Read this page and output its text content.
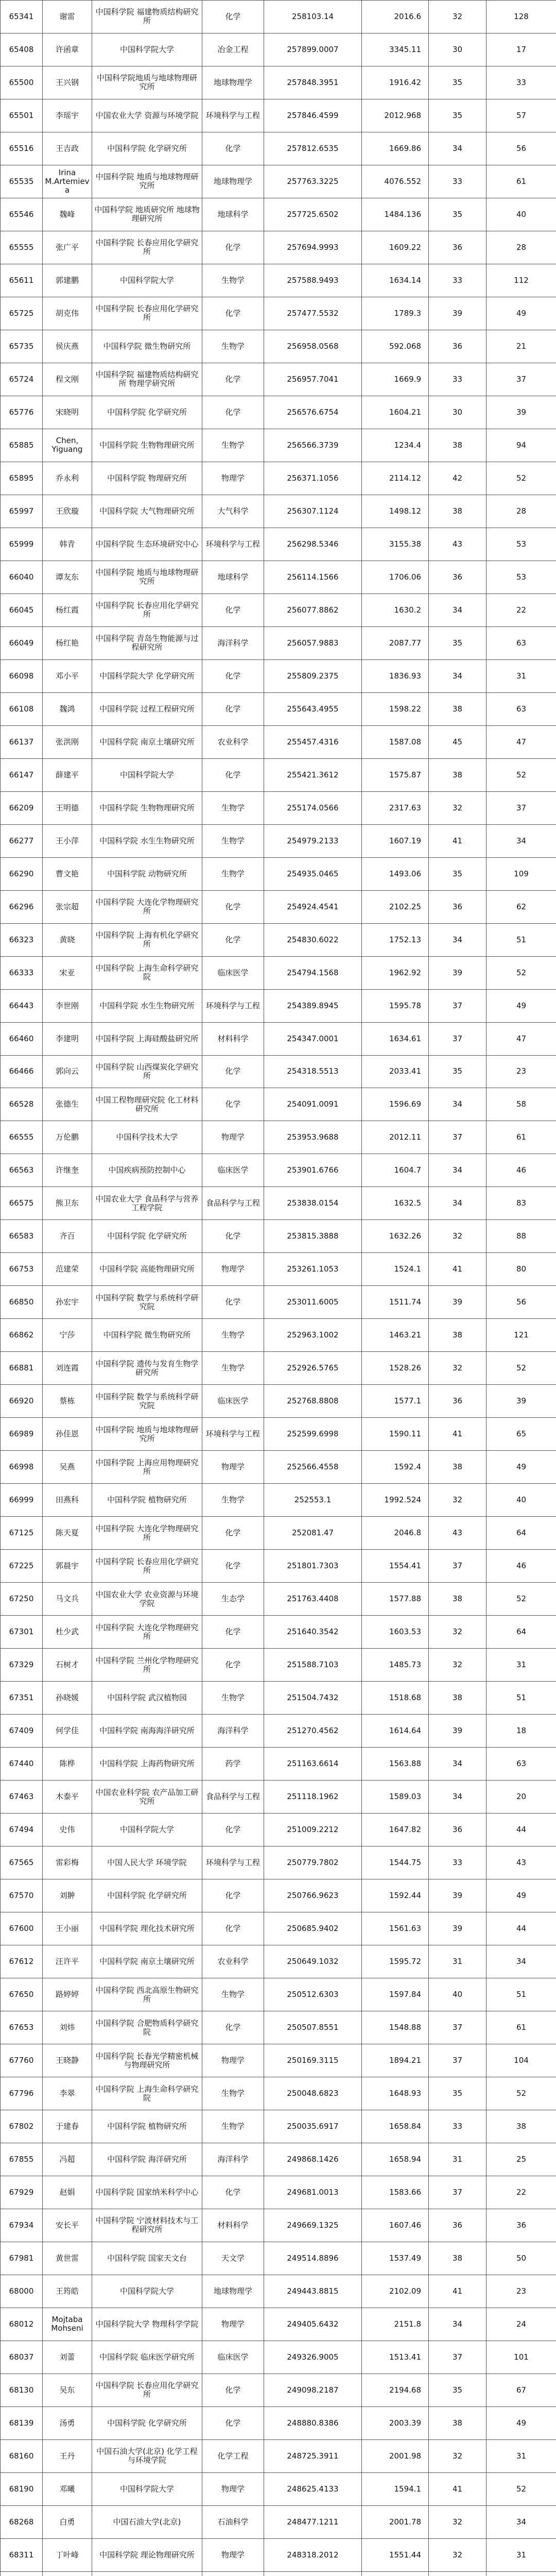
65341	谢雷	中国科学院 福建物质结构研究所	化学	258103.14	2016.6	32	128
65408	许函章	中国科学院大学	冶金工程	257899.0007	3345.11	30	17
65500	王兴钢	中国科学院地质与地球物理研究所	地球物理学	257848.3951	1916.42	35	33
65501	李瑶宇	中国农业大学 资源与环境学院	环境科学与工程	257846.4599	2012.968	35	57
65516	王吉政	中国科学院 化学研究所	化学	257812.6535	1669.86	34	56
65535	Irina M.Artemiev a	中国科学院 地质与地球物理研究所	地球物理学	257763.3225	4076.552	33	61
65546	魏峰	中国科学院 地质研究所 地球物理研究所	地球科学	257725.6502	1484.136	35	40
65555	张广平	中国科学院 长春应用化学研究所	化学	257694.9993	1609.22	36	28
65611	郭建鹏	中国科学院大学	生物学	257588.9493	1634.14	33	112
65725	胡克伟	中国科学院 长春应用化学研究所	化学	257477.5532	1789.3	39	49
65735	侯庆燕	中国科学院 微生物研究所	生物学	256958.0568	592.068	36	21
65724	程文刚	中国科学院 福建物质结构研究所 物理学研究所	化学	256957.7041	1669.9	33	37
65776	宋晓明	中国科学院 化学研究所	化学	256576.6754	1604.21	30	39
65885	Chen, Yiguang	中国科学院 生物物理研究所	生物学	256566.3739	1234.4	38	94
65895	乔永利	中国科学院 物理研究所	物理学	256371.1056	2114.12	42	52
65997	王欣璇	中国科学院 大气物理研究所	大气科学	256307.1124	1498.12	38	28
65999	韩青	中国科学院 生态环境研究中心	环境科学与工程	256298.5346	3155.38	43	53
66040	谭友东	中国科学院 地质与地球物理研究所	地球科学	256114.1566	1706.06	36	53
66045	杨红霞	中国科学院 长春应用化学研究所	化学	256077.8862	1630.2	34	22
66049	杨红艳	中国科学院 青岛生物能源与过程研究所	海洋科学	256057.9883	2087.77	35	63
66098	邓小平	中国科学院大学 化学研究所	化学	255809.2375	1836.93	34	31
66108	魏鸿	中国科学院 过程工程研究所	化学	255643.4955	1598.22	38	63
66137	张洪刚	中国科学院 南京土壤研究所	农业科学	255457.4316	1587.08	45	47
66147	薛建平	中国科学院大学	化学	255421.3612	1575.87	38	52
66209	王明德	中国科学院 生物物理研究所	生物学	255174.0566	2317.63	32	37
66277	王小萍	中国科学院 水生生物研究所	生物学	254979.2133	1607.19	41	34
66290	曹文艳	中国科学院 动物研究所	生物学	254935.0465	1493.06	35	109
66296	张宗超	中国科学院 大连化学物理研究所	化学	254924.4541	2102.25	36	62
66323	黄晓	中国科学院 上海有机化学研究所	化学	254830.6022	1752.13	34	51
66333	宋亚	中国科学院 上海生命科学研究院	临床医学	254794.1568	1962.92	39	52
66443	李世刚	中国科学院 水生生物研究所	环境科学与工程	254389.8945	1595.78	37	49
66460	李建明	中国科学院 上海硅酸盐研究所	材料科学	254347.0001	1634.61	37	47
66466	郭向云	中国科学院 山西煤炭化学研究所	化学	254318.5513	2033.41	35	23
66528	张德生	中国工程物理研究院 化工材料研究所	化学	254091.0091	1596.69	34	58
66555	万伦鹏	中国科学技术大学	物理学	253953.9688	2012.11	37	61
66563	许继奎	中国疾病预防控制中心	临床医学	253901.6766	1604.7	34	46
66575	熊卫东	中国农业大学 食品科学与营养工程学院	食品科学与工程	253838.0154	1632.5	34	83
66583	齐百	中国科学院 化学研究所	化学	253815.3888	1632.26	32	88
66753	范建荣	中国科学院 高能物理研究所	物理学	253261.1053	1524.1	41	80
66850	孙宏宇	中国科学院 数学与系统科学研究院	化学	253011.6005	1511.74	39	56
66862	宁莎	中国科学院 微生物研究所	生物学	252963.1002	1463.21	38	121
66881	刘连霞	中国科学院 遗传与发育生物学研究所	生物学	252926.5765	1528.26	32	52
66920	蔡栋	中国科学院 数学与系统科学研究院	临床医学	252768.8808	1577.1	36	39
66989	孙佳恩	中国科学院 地质与地球物理研究所	环境科学与工程	252599.6998	1590.11	41	65
66998	吴燕	中国科学院 上海应用物理研究所	物理学	252566.4558	1592.4	38	49
66999	田燕科	中国科学院 植物研究所	生物学	252553.1	1992.524	32	40
67125	陈天夏	中国科学院 大连化学物理研究所	化学	252081.47	2046.8	43	64
67225	郭晨宇	中国科学院 长春应用化学研究所	化学	251801.7303	1554.41	37	46
67250	马文兵	中国农业大学 农业资源与环境学院	生态学	251763.4408	1577.88	38	52
67301	杜少武	中国科学院 大连化学物理研究所	化学	251640.3542	1603.53	32	64
67329	石树才	中国科学院 兰州化学物理研究所	化学	251588.7103	1485.73	32	31
67351	孙晓媛	中国科学院 武汉植物园	生物学	251504.7432	1518.68	38	51
67409	何学佳	中国科学院 南海海洋研究所	海洋科学	251270.4562	1614.64	39	18
67440	陈桦	中国科学院 上海药物研究所	药学	251163.6614	1563.88	34	63
67463	木泰平	中国农业科学院 农产品加工研究所	食品科学与工程	251118.1962	1589.03	34	20
67494	史伟	中国科学院大学	化学	251009.2212	1647.82	36	44
67565	雷彩梅	中国人民大学 环境学院	环境科学与工程	250779.7802	1544.75	33	43
67570	刘翀	中国科学院 化学研究所	化学	250766.9623	1592.44	39	49
67600	王小丽	中国科学院 理化技术研究所	化学	250685.9402	1561.63	39	44
67612	汪许平	中国科学院 南京土壤研究所	农业科学	250649.1032	1595.72	31	34
67650	路婷婷	中国科学院 西北高原生物研究所	生物学	250512.6303	1597.84	40	51
67653	刘炜	中国科学院 合肥物质科学研究院	化学	250507.8551	1548.88	37	61
67760	王晓静	中国科学院 长春光学精密机械与物理研究所	物理学	250169.3115	1894.21	37	104
67796	李翠	中国科学院 上海生命科学研究院	生物学	250048.6823	1648.93	35	52
67802	于建春	中国科学院 植物研究所	生物学	250035.6917	1658.84	33	38
67855	冯超	中国科学院 海洋研究所	海洋科学	249868.1426	1658.94	31	25
67929	赵娟	中国科学院 国家纳米科学中心	化学	249681.0013	1583.66	37	22
67934	安长平	中国科学院 宁波材料技术与工程研究所	材料科学	249669.1325	1607.46	36	36
67981	黄世雷	中国科学院 国家天文台	天文学	249514.8896	1537.49	38	50
68000	王筠皓	中国科学院大学	地球物理学	249443.8815	2102.09	41	23
68012	Mojtaba Mohseni	中国科学院大学 物理科学学院	物理学	249405.6432	2151.8	34	24
68037	刘蕾	中国科学院 临床医学研究所	临床医学	249326.9005	1513.41	37	101
68130	吴东	中国科学院 长春应用化学研究所	化学	249098.2187	2194.68	35	67
68139	汤勇	中国科学院 化学研究所	化学	248880.8386	2003.39	38	49
68160	王丹	中国石油大学(北京) 化学工程与环境学院	化学工程	248725.3911	2001.98	32	31
68190	邓曦	中国科学院大学	物理学	248625.4133	1594.1	41	52
68268	白勇	中国石油大学(北京)	石油科学	248477.1211	2001.78	32	34
68311	丁叶峰	中国科学院 理论物理研究所	物理学	248318.2012	1551.44	32	31
